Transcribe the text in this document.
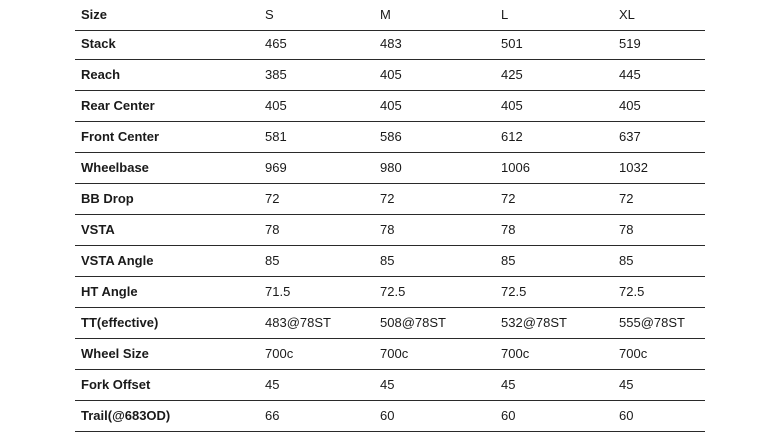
Size	S	M	L	XL
Stack	465	483	501	519
Reach	385	405	425	445
Rear Center	405	405	405	405
Front Center	581	586	612	637
Wheelbase	969	980	1006	1032
BB Drop	72	72	72	72
VSTA	78	78	78	78
VSTA Angle	85	85	85	85
HT Angle	71.5	72.5	72.5	72.5
TT(effective)	483@78ST	508@78ST	532@78ST	555@78ST
Wheel Size	700c	700c	700c	700c
Fork Offset	45	45	45	45
Trail(@683OD)	66	60	60	60
